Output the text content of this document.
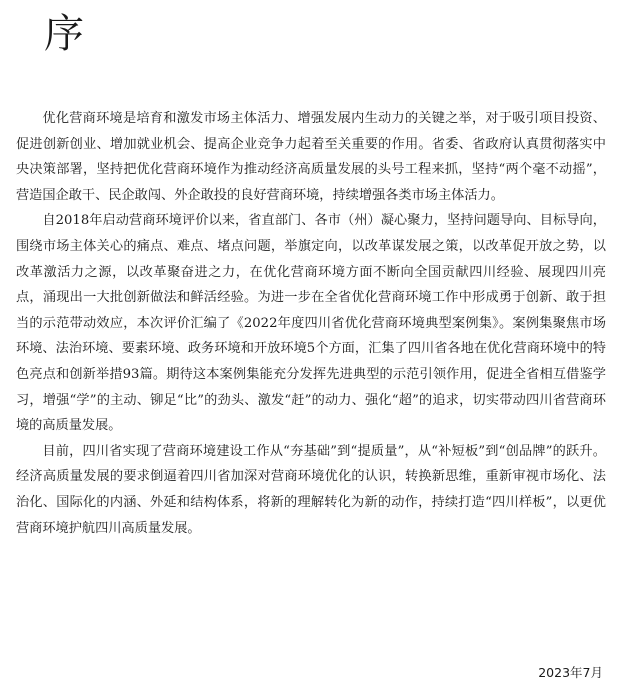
序

优化营商环境是培育和激发市场主体活力、增强发展内生动力的关键之举，对于吸引项目投资、促进创新创业、增加就业机会、提高企业竞争力起着至关重要的作用。省委、省政府认真贯彻落实中央决策部署，坚持把优化营商环境作为推动经济高质量发展的头号工程来抓，坚持“两个毫不动摇”，营造国企敢干、民企敢闯、外企敢投的良好营商环境，持续增强各类市场主体活力。

自2018年启动营商环境评价以来，省直部门、各市（州）凝心聚力，坚持问题导向、目标导向，围绕市场主体关心的痛点、难点、堵点问题，举旗定向，以改革谋发展之策，以改革促开放之势，以改革激活力之源，以改革聚奋进之力，在优化营商环境方面不断向全国贡献四川经验、展现四川亮点，涌现出一大批创新做法和鲜活经验。为进一步在全省优化营商环境工作中形成勇于创新、敢于担当的示范带动效应，本次评价汇编了《2022年度四川省优化营商环境典型案例集》。案例集聚焦市场环境、法治环境、要素环境、政务环境和开放环境5个方面，汇集了四川省各地在优化营商环境中的特色亮点和创新举措93篇。期待这本案例集能充分发挥先进典型的示范引领作用，促进全省相互借鉴学习，增强“学”的主动、铆足“比”的劲头、激发“赶”的动力、强化“超”的追求，切实带动四川省营商环境的高质量发展。

目前，四川省实现了营商环境建设工作从“夯基础”到“提质量”，从“补短板”到“创品牌”的跃升。经济高质量发展的要求倒逼着四川省加深对营商环境优化的认识，转换新思维，重新审视市场化、法治化、国际化的内涵、外延和结构体系，将新的理解转化为新的动作，持续打造“四川样板”，以更优营商环境护航四川高质量发展。

2023年7月
